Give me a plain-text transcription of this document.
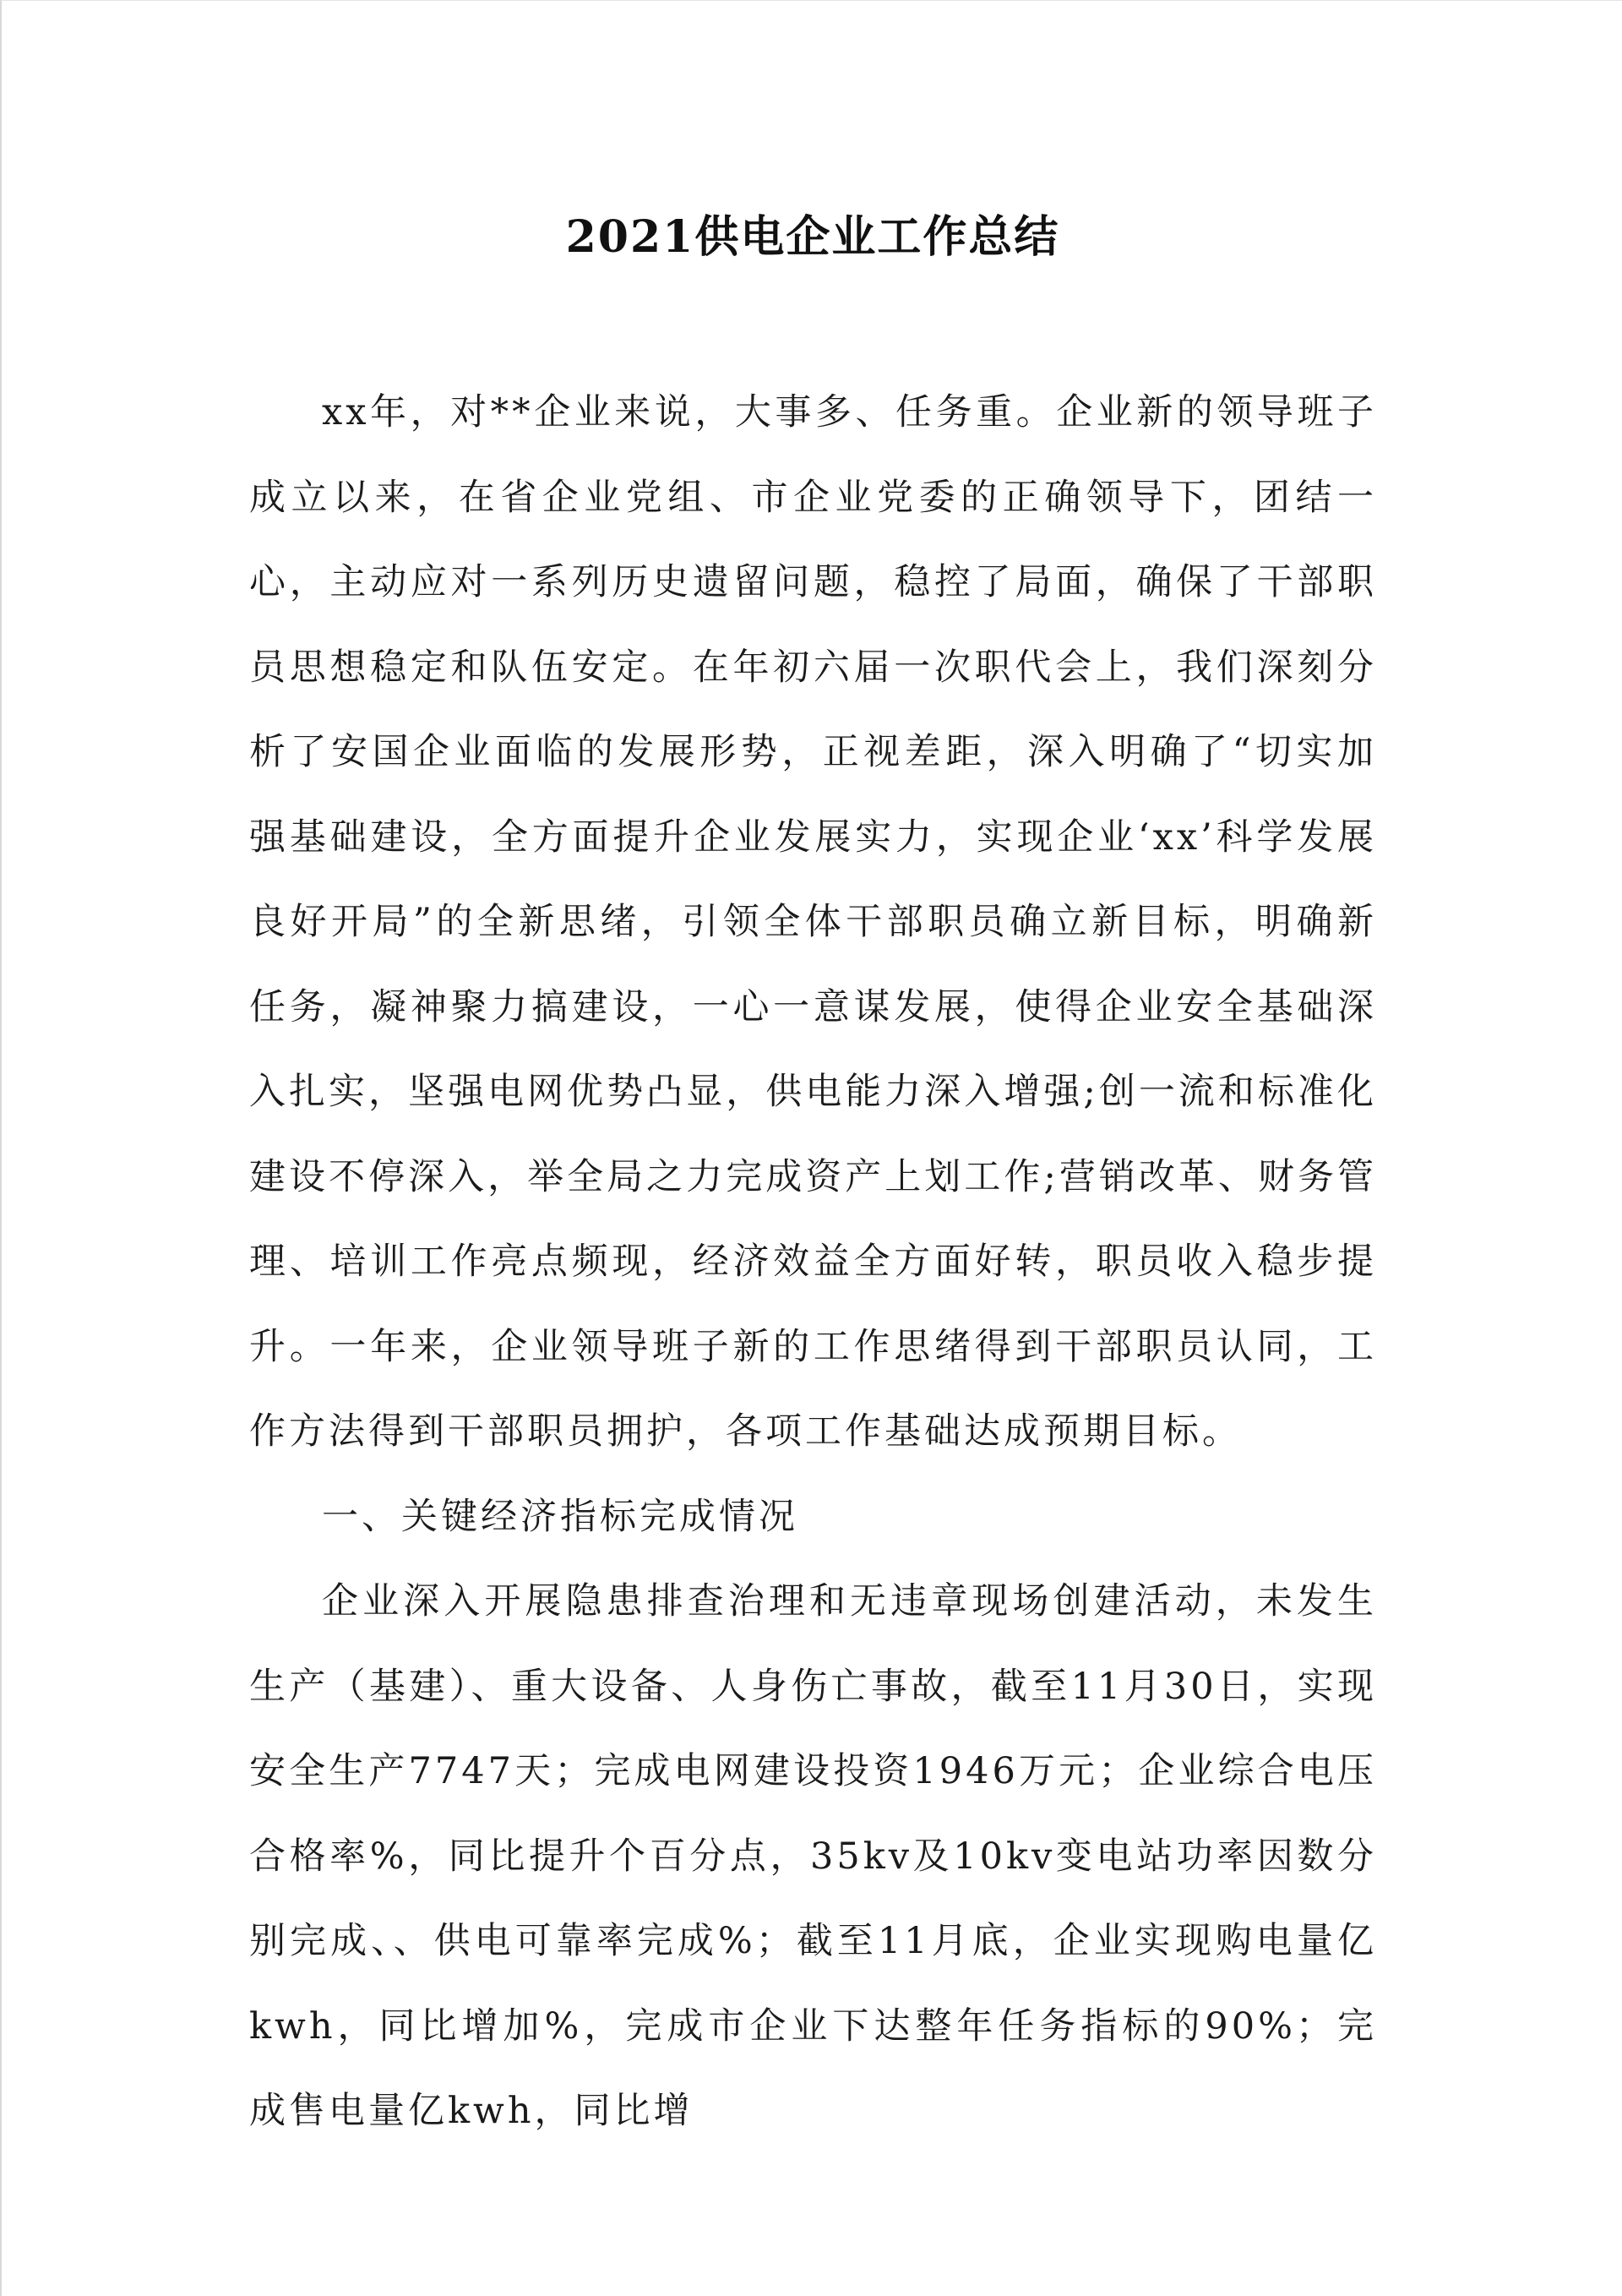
2021供电企业工作总结

xx年，对**企业来说，大事多、任务重。企业新的领导班子成立以来，在省企业党组、市企业党委的正确领导下，团结一心，主动应对一系列历史遗留问题，稳控了局面，确保了干部职员思想稳定和队伍安定。在年初六届一次职代会上，我们深刻分析了安国企业面临的发展形势，正视差距，深入明确了“切实加强基础建设，全方面提升企业发展实力，实现企业‘xx’科学发展良好开局”的全新思绪，引领全体干部职员确立新目标，明确新任务，凝神聚力搞建设，一心一意谋发展，使得企业安全基础深入扎实，坚强电网优势凸显，供电能力深入增强;创一流和标准化建设不停深入，举全局之力完成资产上划工作;营销改革、财务管理、培训工作亮点频现，经济效益全方面好转，职员收入稳步提升。一年来，企业领导班子新的工作思绪得到干部职员认同，工作方法得到干部职员拥护，各项工作基础达成预期目标。

一、关键经济指标完成情况

企业深入开展隐患排查治理和无违章现场创建活动，未发生生产（基建）、重大设备、人身伤亡事故，截至11月30日，实现安全生产7747天；完成电网建设投资1946万元；企业综合电压合格率%，同比提升个百分点，35kv及10kv变电站功率因数分别完成、、供电可靠率完成%；截至11月底，企业实现购电量亿kwh，同比增加%，完成市企业下达整年任务指标的90%；完成售电量亿kwh，同比增
